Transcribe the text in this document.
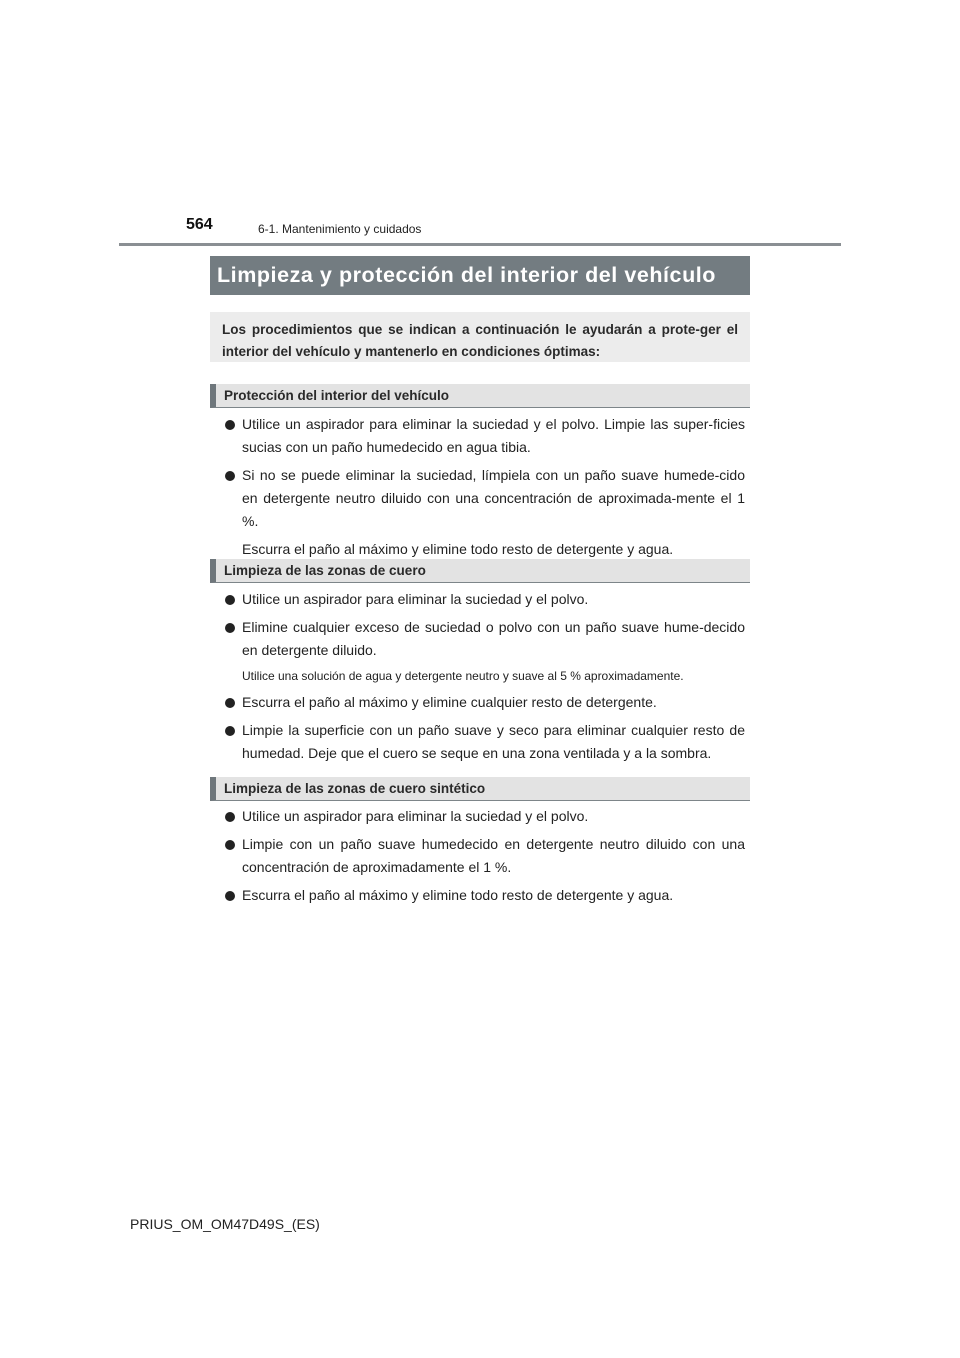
564	6-1. Mantenimiento y cuidados
Limpieza y protección del interior del vehículo
Los procedimientos que se indican a continuación le ayudarán a prote-ger el interior del vehículo y mantenerlo en condiciones óptimas:
Protección del interior del vehículo
Utilice un aspirador para eliminar la suciedad y el polvo. Limpie las super-ficies sucias con un paño humedecido en agua tibia.
Si no se puede eliminar la suciedad, límpiela con un paño suave humede-cido en detergente neutro diluido con una concentración de aproximada-mente el 1 %.
Escurra el paño al máximo y elimine todo resto de detergente y agua.
Limpieza de las zonas de cuero
Utilice un aspirador para eliminar la suciedad y el polvo.
Elimine cualquier exceso de suciedad o polvo con un paño suave hume-decido en detergente diluido.
Utilice una solución de agua y detergente neutro y suave al 5 % aproximadamente.
Escurra el paño al máximo y elimine cualquier resto de detergente.
Limpie la superficie con un paño suave y seco para eliminar cualquier resto de humedad. Deje que el cuero se seque en una zona ventilada y a la sombra.
Limpieza de las zonas de cuero sintético
Utilice un aspirador para eliminar la suciedad y el polvo.
Limpie con un paño suave humedecido en detergente neutro diluido con una concentración de aproximadamente el 1 %.
Escurra el paño al máximo y elimine todo resto de detergente y agua.
PRIUS_OM_OM47D49S_(ES)
